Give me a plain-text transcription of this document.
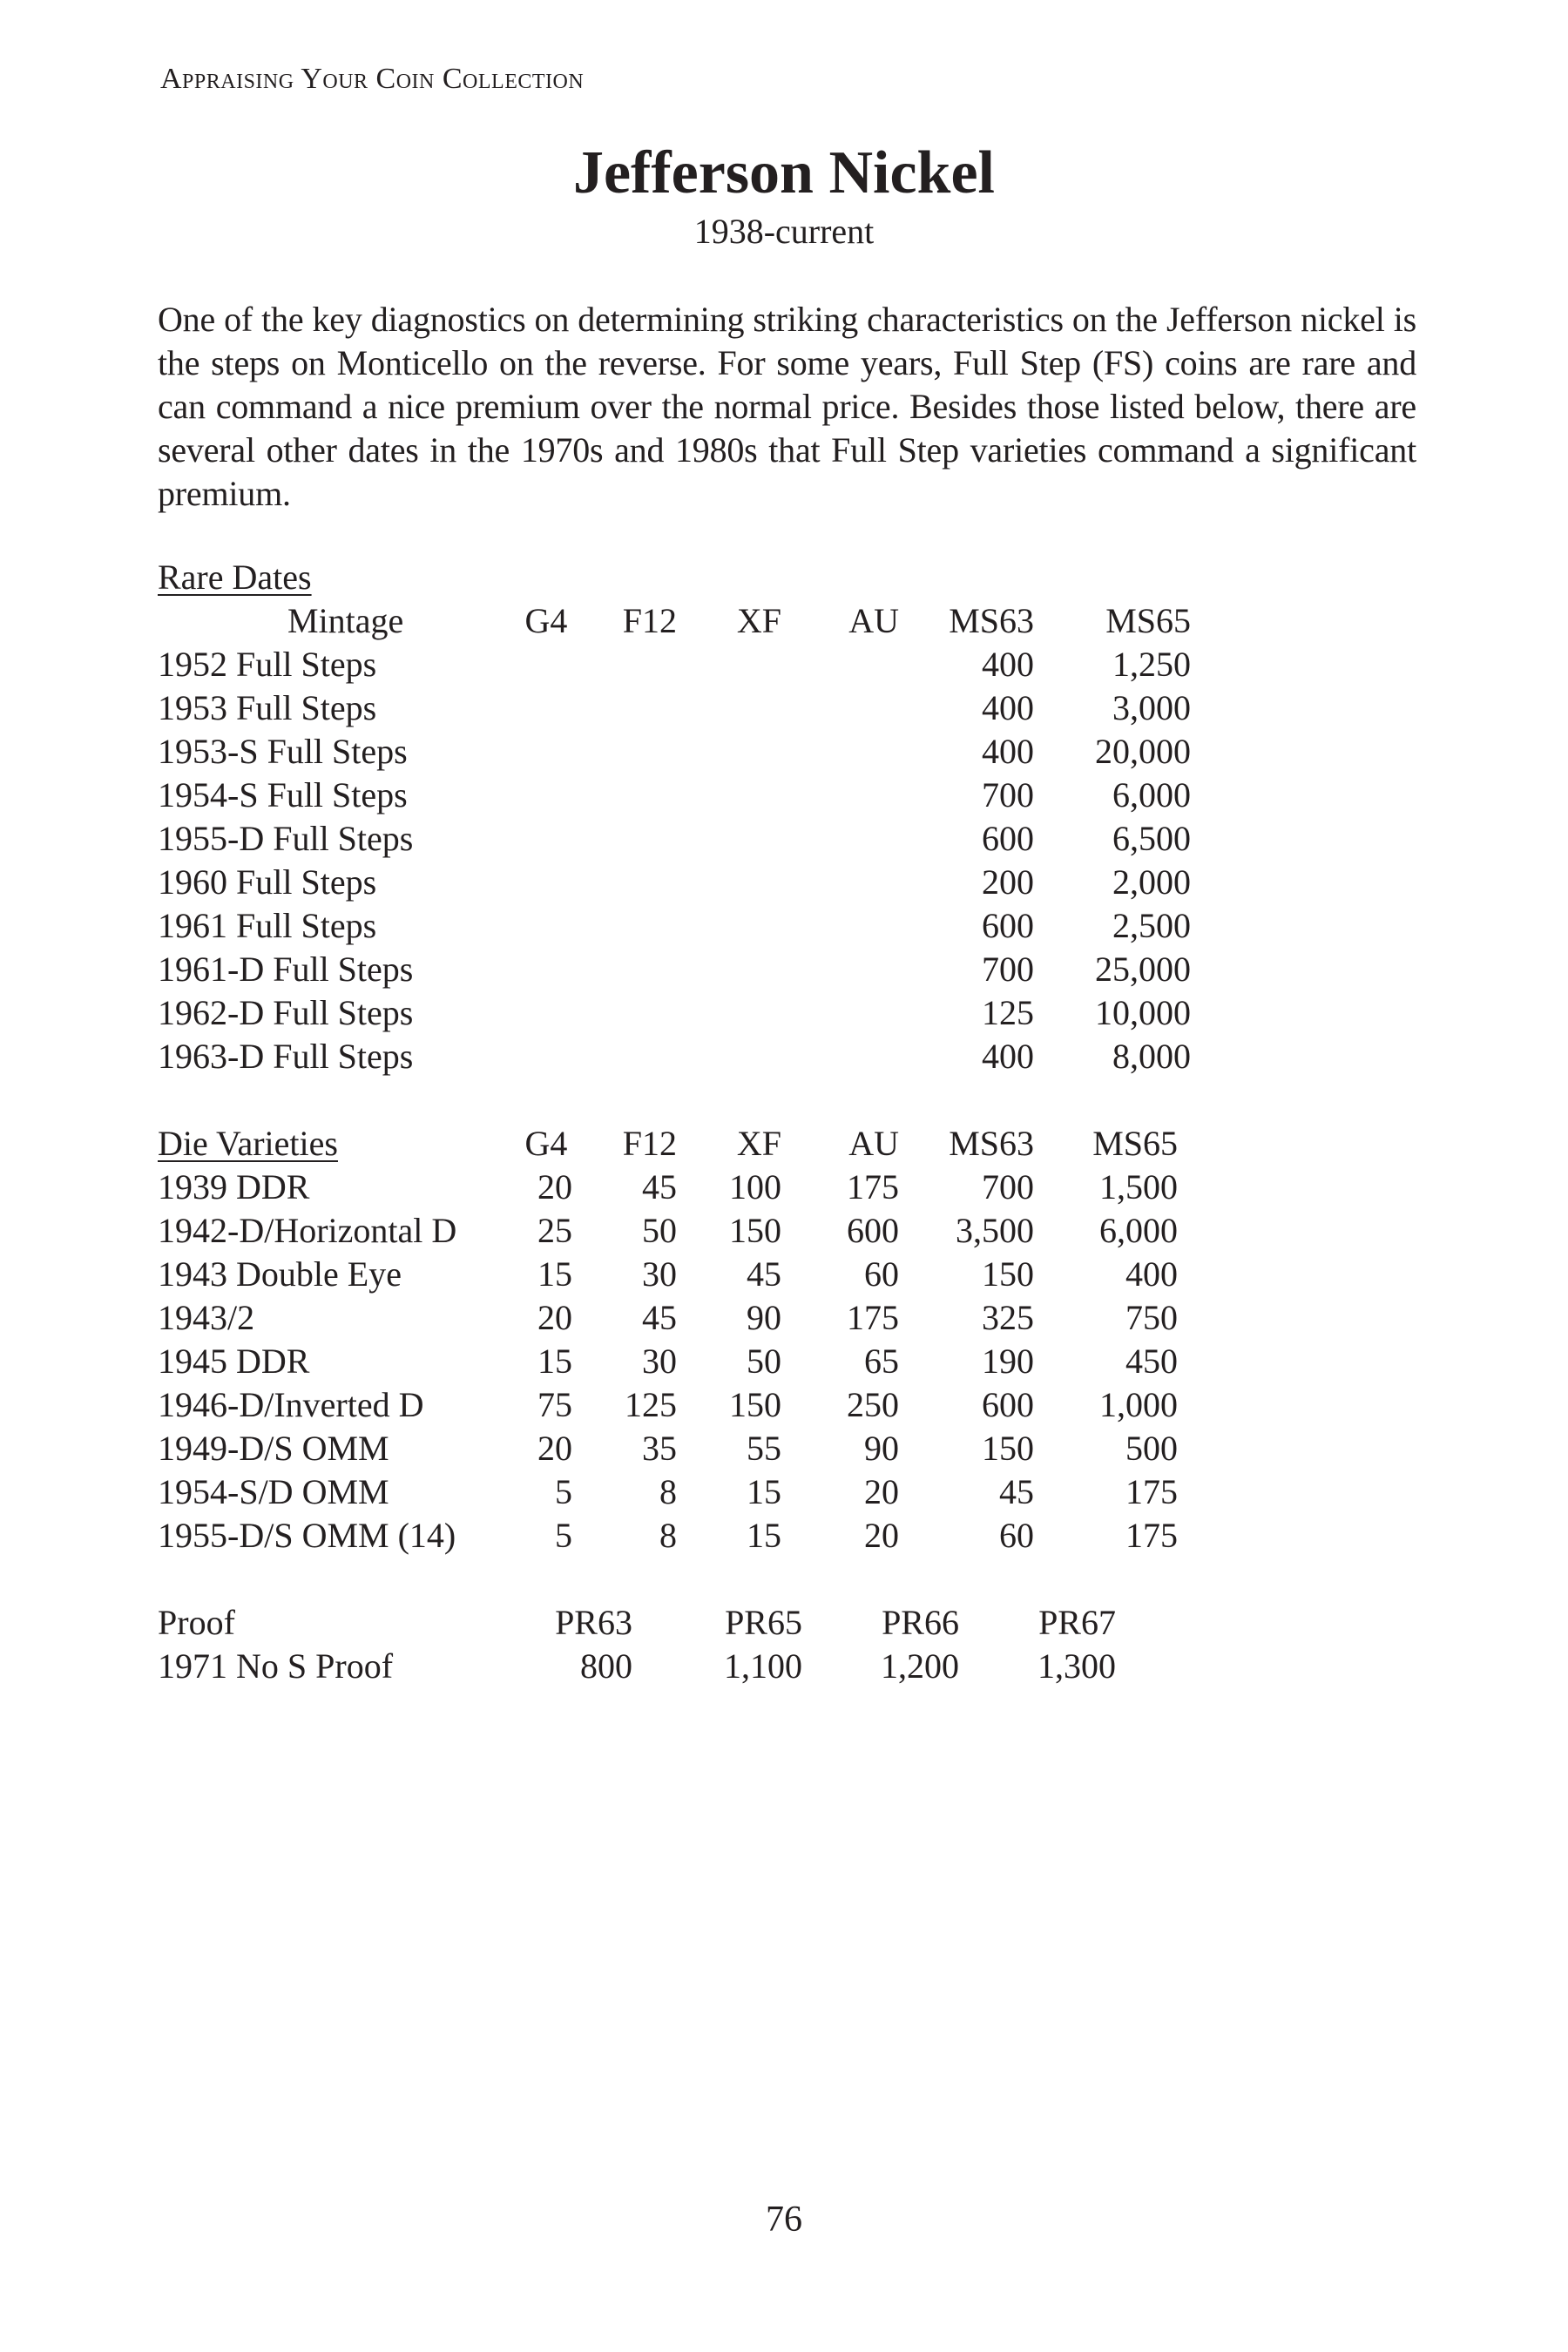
Appraising Your Coin Collection
Jefferson Nickel
1938-current

One of the key diagnostics on determining striking characteristics on the Jefferson nickel is the steps on Monticello on the reverse. For some years, Full Step (FS) coins are rare and can command a nice premium over the normal price. Besides those listed below, there are several other dates in the 1970s and 1980s that Full Step varieties command a significant premium.

Rare Dates						
Mintage	G4	F12	XF	AU	MS63	MS65
1952 Full Steps					400	1,250
1953 Full Steps					400	3,000
1953-S Full Steps					400	20,000
1954-S Full Steps					700	6,000
1955-D Full Steps					600	6,500
1960 Full Steps					200	2,000
1961 Full Steps					600	2,500
1961-D Full Steps					700	25,000
1962-D Full Steps					125	10,000
1963-D Full Steps					400	8,000
Die Varieties	G4	F12	XF	AU	MS63	MS65
1939 DDR	20	45	100	175	700	1,500
1942-D/Horizontal D	25	50	150	600	3,500	6,000
1943 Double Eye	15	30	45	60	150	400
1943/2	20	45	90	175	325	750
1945 DDR	15	30	50	65	190	450
1946-D/Inverted D	75	125	150	250	600	1,000
1949-D/S OMM	20	35	55	90	150	500
1954-S/D OMM	5	8	15	20	45	175
1955-D/S OMM (14)	5	8	15	20	60	175
Proof	PR63	PR65	PR66	PR67
1971 No S Proof	800	1,100	1,200	1,300
76
